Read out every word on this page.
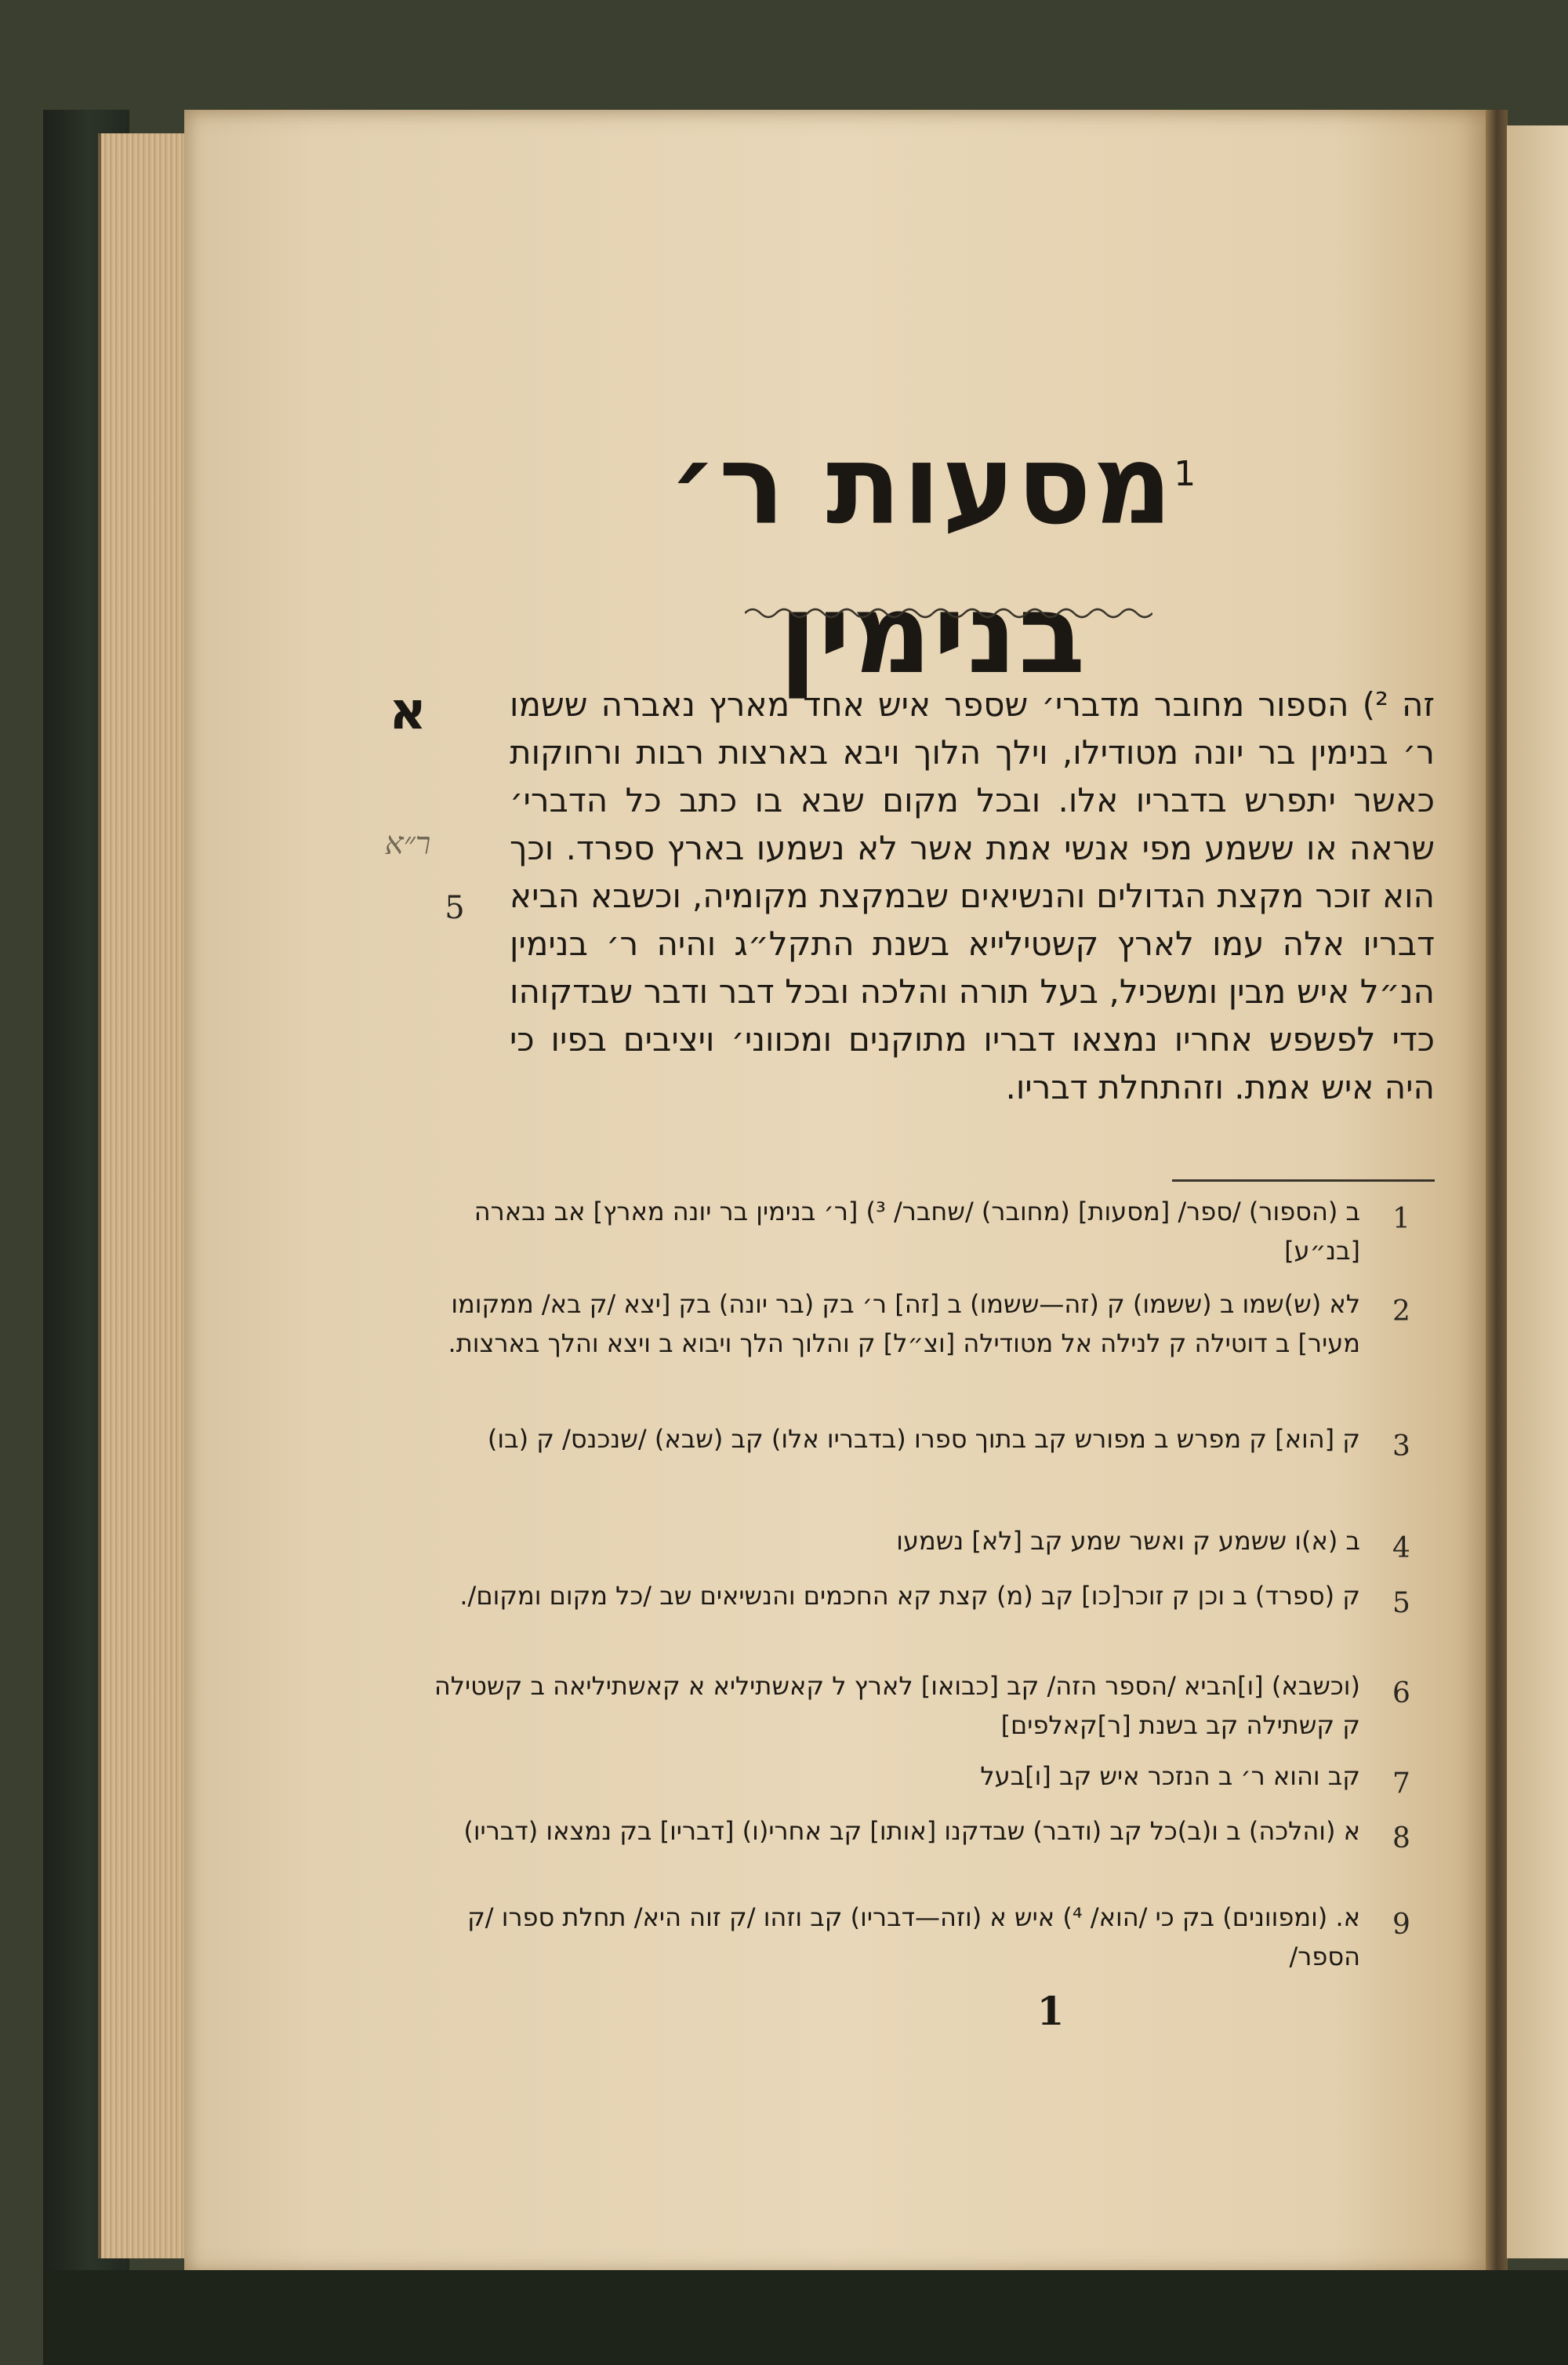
$^1$מסעות ר׳ בנימין
א
ר״א
5

זה ²) הספור מחובר מדברי׳ שספר איש אחד מארץ נאברה ששמו ר׳ בנימין בר יונה מטודילו, וילך הלוך ויבא בארצות רבות ורחוקות כאשר יתפרש בדבריו אלו. ובכל מקום שבא בו כתב כל הדברי׳ שראה או ששמע מפי אנשי אמת אשר לא נשמעו בארץ ספרד. וכך הוא זוכר מקצת הגדולים והנשיאים שבמקצת מקומיה, וכשבא הביא דבריו אלה עמו לארץ קשטילייא בשנת התקל״ג והיה ר׳ בנימין הנ״ל איש מבין ומשכיל, בעל תורה והלכה ובכל דבר ודבר שבדקוהו כדי לפשפש אחריו נמצאו דבריו מתוקנים ומכווני׳ ויציבים בפיו כי היה איש אמת. וזהתחלת דבריו.

ב (הספור) /ספר/ [מסעות] (מחובר) /שחבר/ ³) [ר׳ בנימין בר יונה מארץ] אב נבארה [בנ״ע]
1
לא (ש)שמו ב (ששמו) ק (זה—ששמו) ב [זה] ר׳ בק (בר יונה) בק [יצא /ק בא/ ממקומו מעיר] ב דוטילה ק לנילה אל מטודילה [וצ״ל] ק והלוך הלך ויבוא ב ויצא והלך בארצות.
2
ק [הוא] ק מפרש ב מפורש קב בתוך ספרו (בדבריו אלו) קב (שבא) /שנכנס/ ק (בו)	3
ב (א)ו ששמע ק ואשר שמע קב [לא] נשמעו	4
ק (ספרד) ב וכן ק זוכר[כו] קב (מ) קצת קא החכמים והנשיאים שב /כל מקום ומקום/.	5
(וכשבא) [ו]הביא /הספר הזה/ קב [כבואו] לארץ ל קאשתיליא א קאשתיליאה ב קשטילה ק קשתילה קב בשנת [ר]קאלפים]
6
קב והוא ר׳ ב הנזכר איש קב [ו]בעל	7
א (והלכה) ב ו(ב)כל קב (ודבר) שבדקנו [אותו] קב אחרי(ו) [דבריו] בק נמצאו (דבריו)	8
א. (ומפוונים) בק כי /הוא/ ⁴) איש א (וזה—דבריו) קב וזהו /ק זוה היא/ תחלת ספרו /ק הספר/
9
1
